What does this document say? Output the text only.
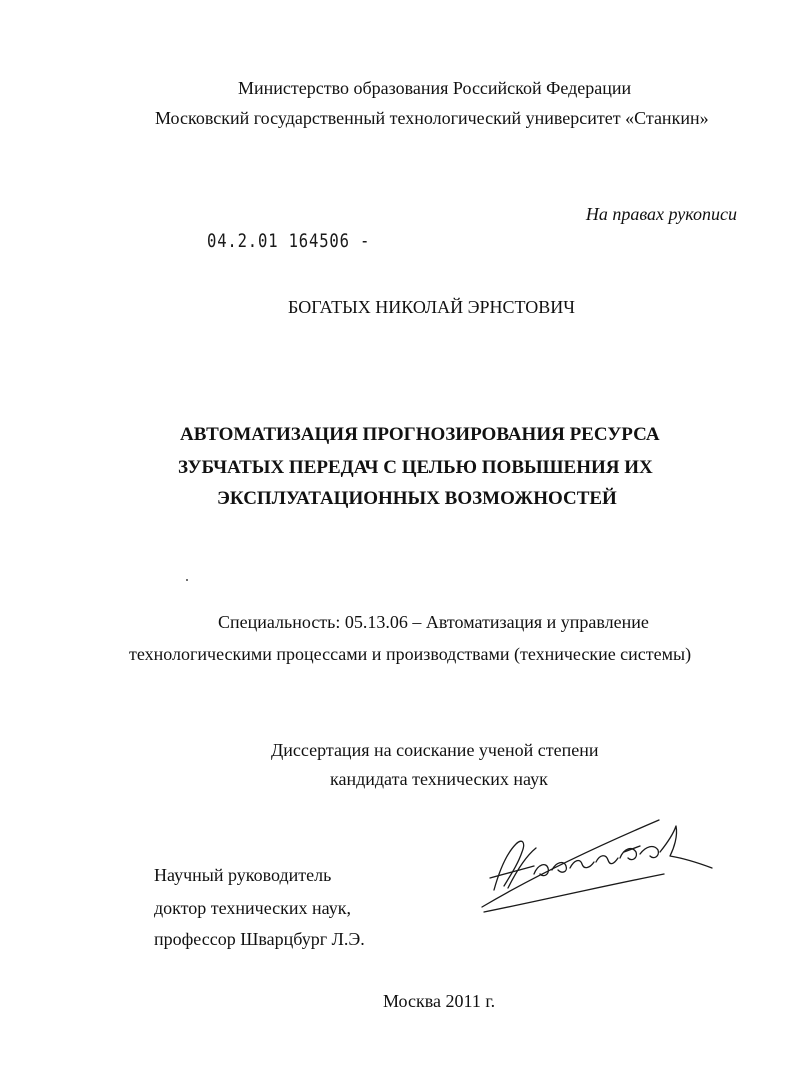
Министерство образования Российской Федерации
Московский государственный технологический университет «Станкин»
На правах рукописи
04.2.01 164506 -
БОГАТЫХ НИКОЛАЙ ЭРНСТОВИЧ
АВТОМАТИЗАЦИЯ ПРОГНОЗИРОВАНИЯ РЕСУРСА
ЗУБЧАТЫХ ПЕРЕДАЧ С ЦЕЛЬЮ ПОВЫШЕНИЯ ИХ
ЭКСПЛУАТАЦИОННЫХ ВОЗМОЖНОСТЕЙ
Специальность: 05.13.06 – Автоматизация и управление
технологическими процессами и производствами (технические системы)
Диссертация на соискание ученой степени
кандидата технических наук
Научный руководитель
доктор технических наук,
профессор Шварцбург Л.Э.
Москва 2011 г.
